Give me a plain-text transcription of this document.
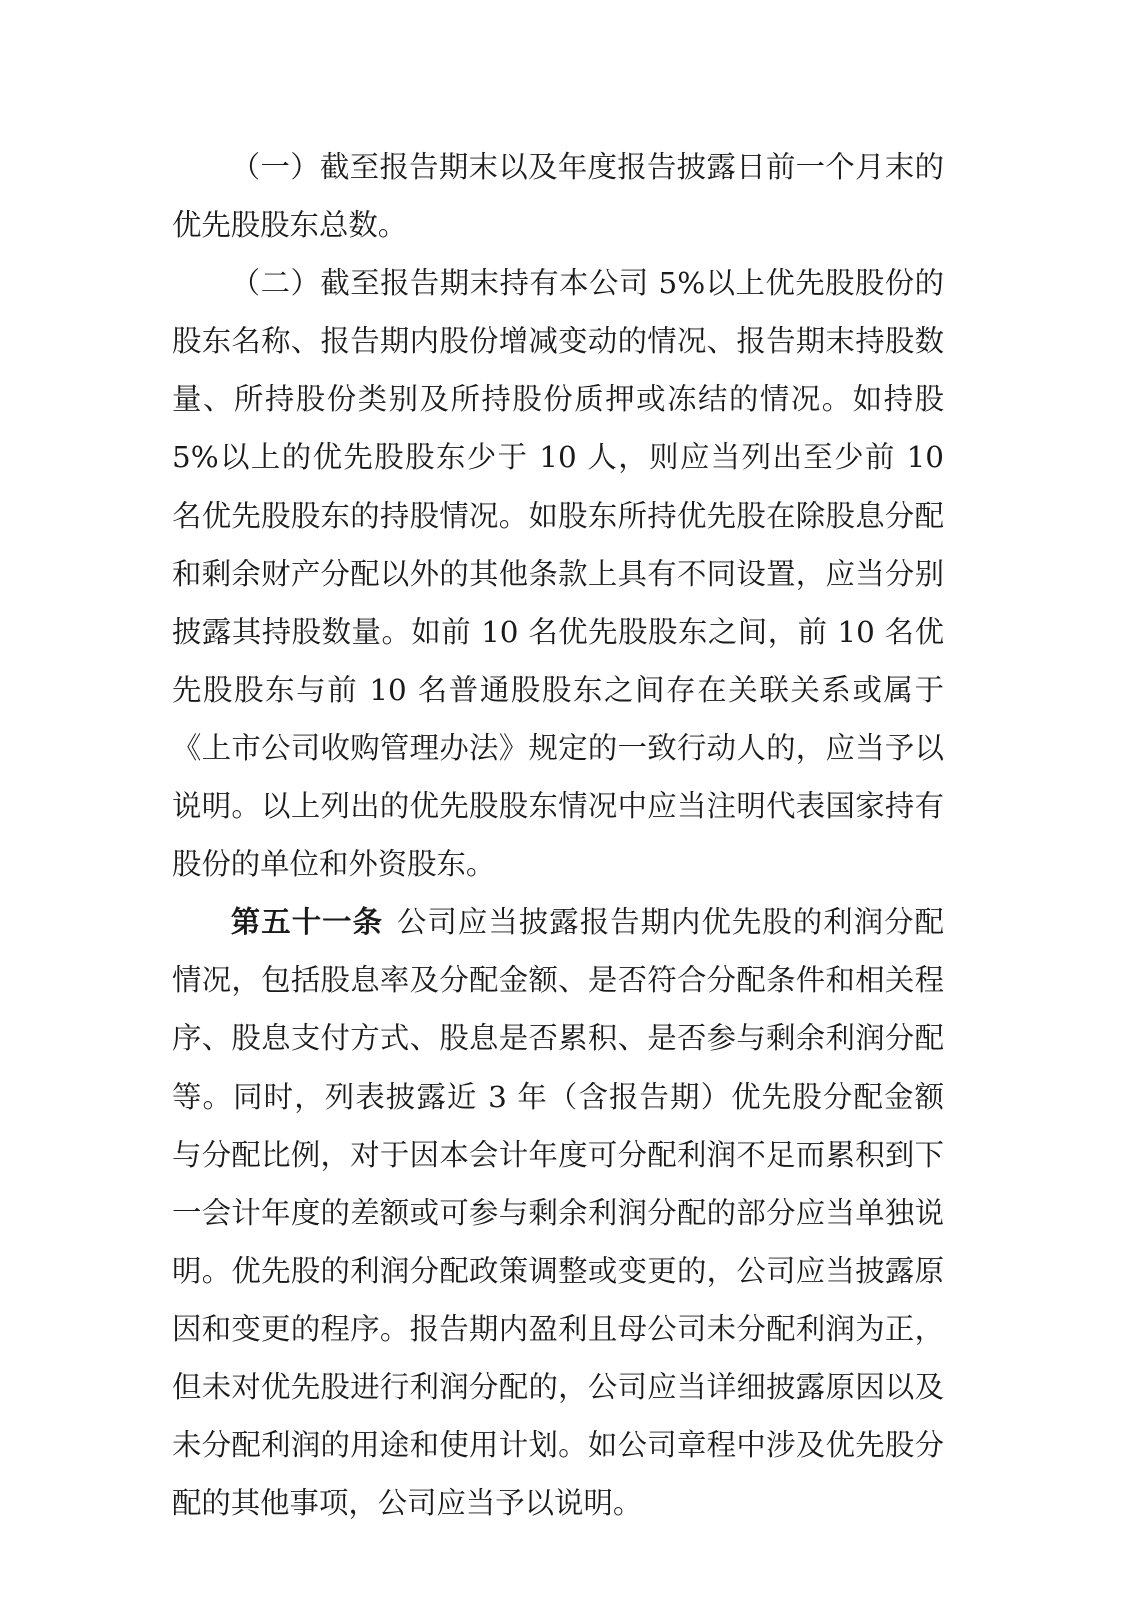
（一）截至报告期末以及年度报告披露日前一个月末的优先股股东总数。

（二）截至报告期末持有本公司 5%以上优先股股份的股东名称、报告期内股份增减变动的情况、报告期末持股数量、所持股份类别及所持股份质押或冻结的情况。如持股 5%以上的优先股股东少于 10 人，则应当列出至少前 10 名优先股股东的持股情况。如股东所持优先股在除股息分配和剩余财产分配以外的其他条款上具有不同设置，应当分别披露其持股数量。如前 10 名优先股股东之间，前 10 名优先股股东与前 10 名普通股股东之间存在关联关系或属于《上市公司收购管理办法》规定的一致行动人的，应当予以说明。以上列出的优先股股东情况中应当注明代表国家持有股份的单位和外资股东。

第五十一条 公司应当披露报告期内优先股的利润分配情况，包括股息率及分配金额、是否符合分配条件和相关程序、股息支付方式、股息是否累积、是否参与剩余利润分配等。同时，列表披露近 3 年（含报告期）优先股分配金额与分配比例，对于因本会计年度可分配利润不足而累积到下一会计年度的差额或可参与剩余利润分配的部分应当单独说明。优先股的利润分配政策调整或变更的，公司应当披露原因和变更的程序。报告期内盈利且母公司未分配利润为正，但未对优先股进行利润分配的，公司应当详细披露原因以及未分配利润的用途和使用计划。如公司章程中涉及优先股分配的其他事项，公司应当予以说明。
